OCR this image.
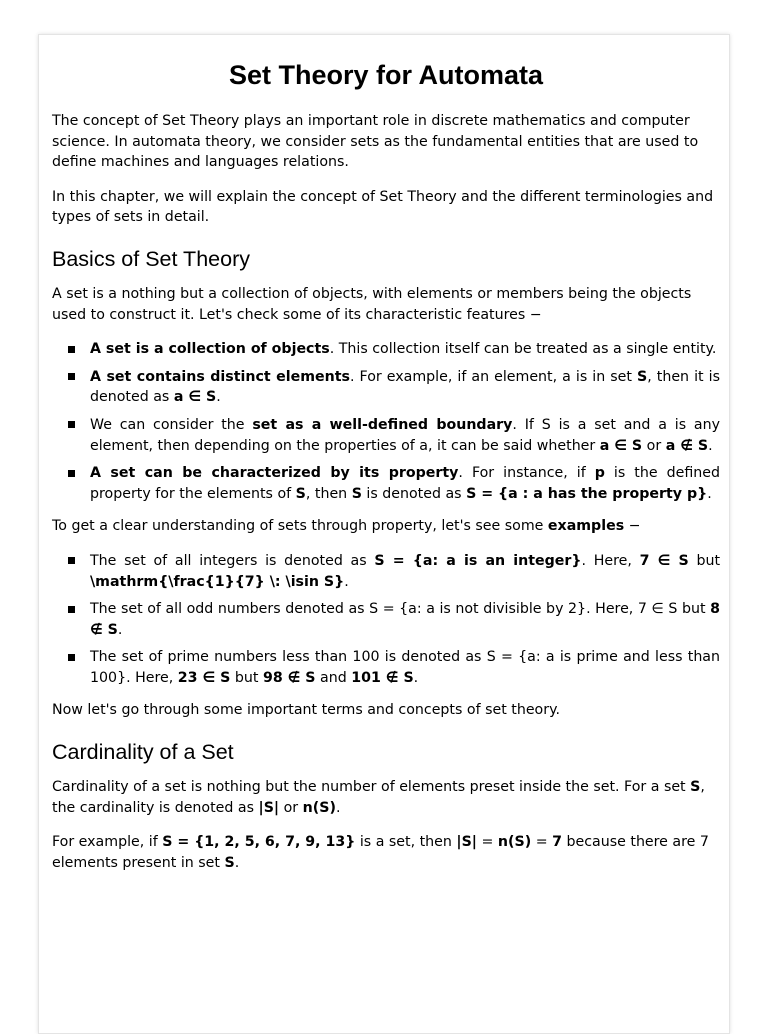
Set Theory for Automata

The concept of Set Theory plays an important role in discrete mathematics and computer science. In automata theory, we consider sets as the fundamental entities that are used to define machines and languages relations.

In this chapter, we will explain the concept of Set Theory and the different terminologies and types of sets in detail.

Basics of Set Theory

A set is a nothing but a collection of objects, with elements or members being the objects used to construct it. Let's check some of its characteristic features −

A set is a collection of objects. This collection itself can be treated as a single entity.
A set contains distinct elements. For example, if an element, a is in set S, then it is denoted as a ∈ S.
We can consider the set as a well-defined boundary. If S is a set and a is any element, then depending on the properties of a, it can be said whether a ∈ S or a ∉ S.
A set can be characterized by its property. For instance, if p is the defined property for the elements of S, then S is denoted as S = {a : a has the property p}.

To get a clear understanding of sets through property, let's see some examples −

The set of all integers is denoted as S = {a: a is an integer}. Here, 7 ∈ S but \mathrm{\frac{1}{7} \: \isin S}.
The set of all odd numbers denoted as S = {a: a is not divisible by 2}. Here, 7 ∈ S but 8 ∉ S.
The set of prime numbers less than 100 is denoted as S = {a: a is prime and less than 100}. Here, 23 ∈ S but 98 ∉ S and 101 ∉ S.

Now let's go through some important terms and concepts of set theory.

Cardinality of a Set

Cardinality of a set is nothing but the number of elements preset inside the set. For a set S, the cardinality is denoted as |S| or n(S).

For example, if S = {1, 2, 5, 6, 7, 9, 13} is a set, then |S| = n(S) = 7 because there are 7 elements present in set S.
